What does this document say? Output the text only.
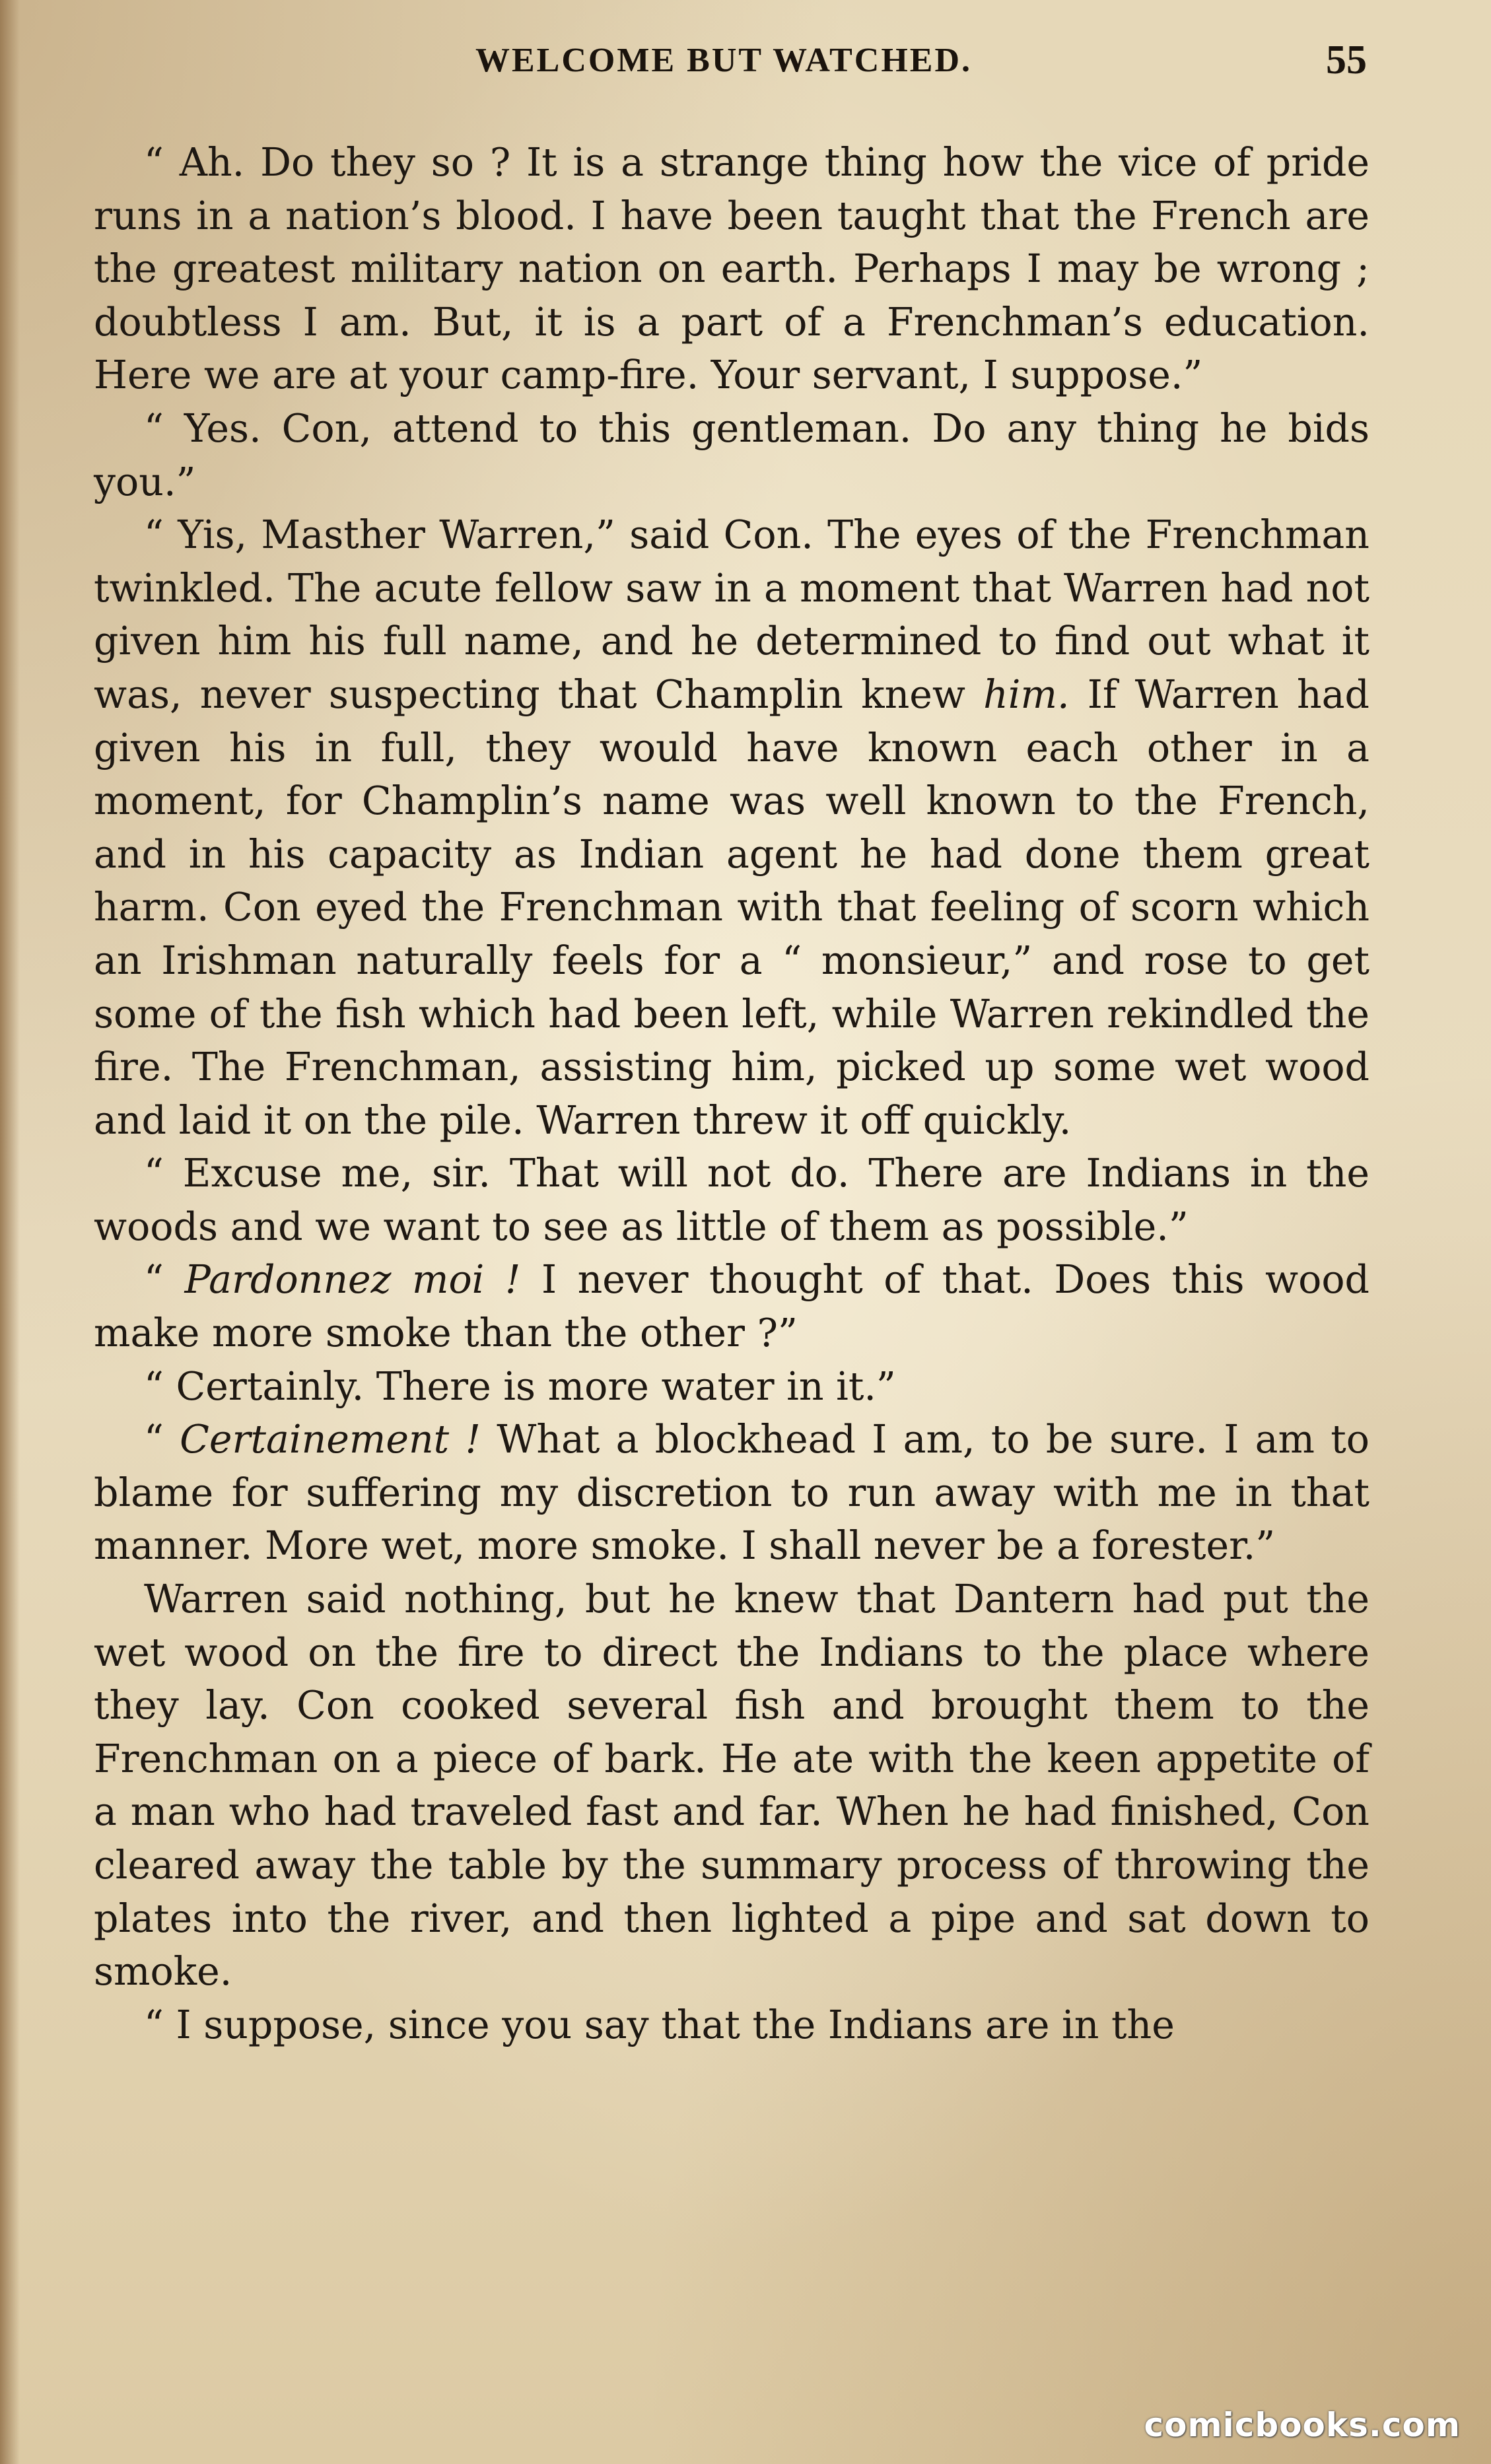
WELCOME BUT WATCHED.	55

“ Ah. Do they so ? It is a strange thing how the vice of pride runs in a nation’s blood. I have been taught that the French are the greatest military nation on earth. Perhaps I may be wrong ; doubtless I am. But, it is a part of a Frenchman’s education. Here we are at your camp-fire. Your servant, I suppose.”

“ Yes. Con, attend to this gentleman. Do any thing he bids you.”

“ Yis, Masther Warren,” said Con. The eyes of the Frenchman twinkled. The acute fellow saw in a moment that Warren had not given him his full name, and he determined to find out what it was, never suspecting that Champlin knew him. If Warren had given his in full, they would have known each other in a moment, for Champlin’s name was well known to the French, and in his capacity as Indian agent he had done them great harm. Con eyed the Frenchman with that feeling of scorn which an Irishman naturally feels for a “ monsieur,” and rose to get some of the fish which had been left, while Warren rekindled the fire. The Frenchman, assisting him, picked up some wet wood and laid it on the pile. Warren threw it off quickly.

“ Excuse me, sir. That will not do. There are Indians in the woods and we want to see as little of them as possible.”

“ Pardonnez moi ! I never thought of that. Does this wood make more smoke than the other ?”

“ Certainly. There is more water in it.”

“ Certainement ! What a blockhead I am, to be sure. I am to blame for suffering my discretion to run away with me in that manner. More wet, more smoke. I shall never be a forester.”

Warren said nothing, but he knew that Dantern had put the wet wood on the fire to direct the Indians to the place where they lay. Con cooked several fish and brought them to the Frenchman on a piece of bark. He ate with the keen appetite of a man who had traveled fast and far. When he had finished, Con cleared away the table by the summary process of throwing the plates into the river, and then lighted a pipe and sat down to smoke.

“ I suppose, since you say that the Indians are in the

comicbooks.com
